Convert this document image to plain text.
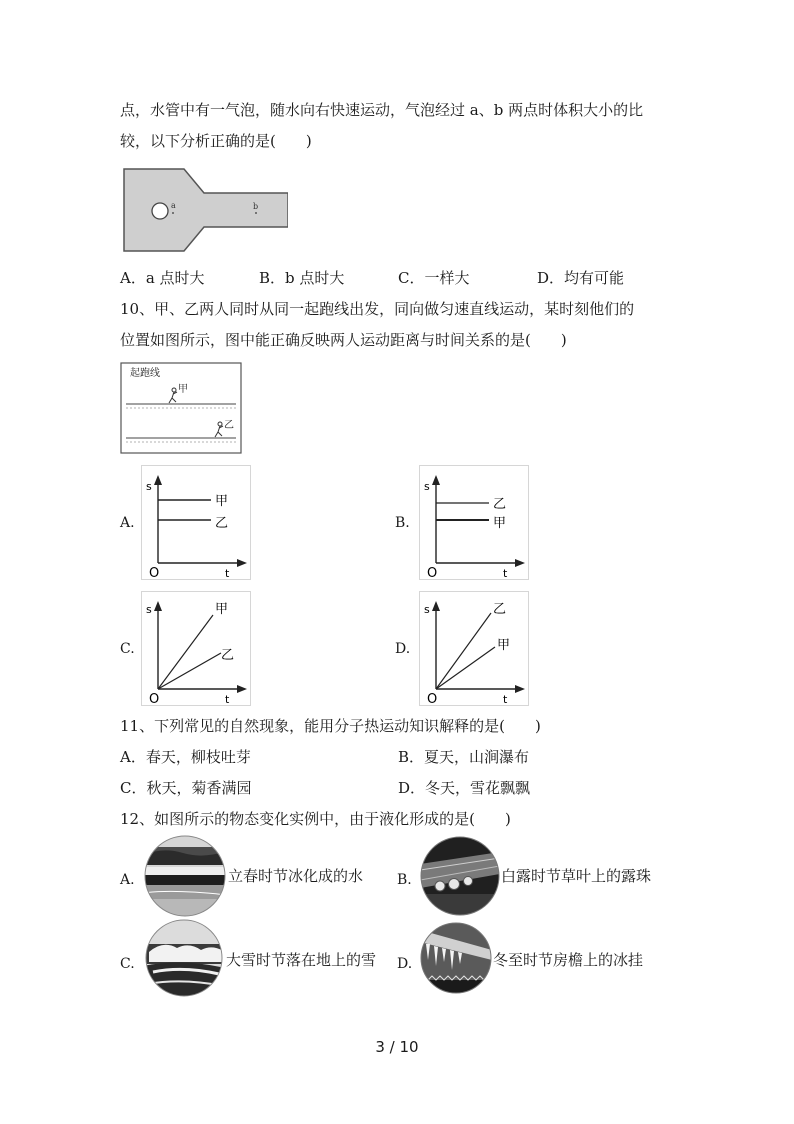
点，水管中有一气泡，随水向右快速运动，气泡经过 a、b 两点时体积大小的比
较，以下分析正确的是(　　)
a	b
A．a 点时大	B．b 点时大	C．一样大	D．均有可能
10、甲、乙两人同时从同一起跑线出发，同向做匀速直线运动，某时刻他们的
位置如图所示，图中能正确反映两人运动距离与时间关系的是(　　)
起跑线
甲
乙
A.
s
t
O
甲
乙	B.
s
t
O
乙
甲
C.
s
t
O
甲
乙	D.
s
t
O
乙
甲
11、下列常见的自然现象，能用分子热运动知识解释的是(　　)
A．春天，柳枝吐芽	B．夏天，山涧瀑布
C．秋天，菊香满园	D．冬天，雪花飘飘
12、如图所示的物态变化实例中，由于液化形成的是(　　)
A.	立春时节冰化成的水 B.	白露时节草叶上的露珠
C.	大雪时节落在地上的雪 D.	冬至时节房檐上的冰挂
3 / 10
